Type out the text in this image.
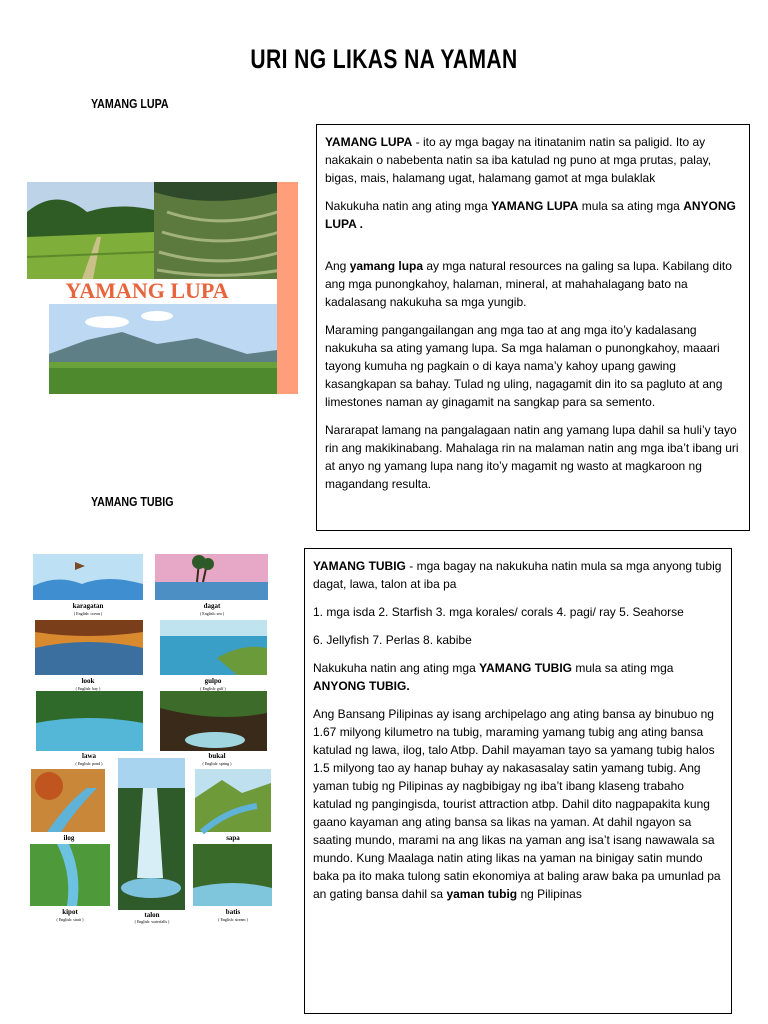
URI NG LIKAS NA YAMAN
YAMANG LUPA
YAMANG TUBIG
YAMANG LUPA

YAMANG LUPA - ito ay mga bagay na itinatanim natin sa paligid. Ito ay nakakain o nabebenta natin sa iba katulad ng puno at mga prutas, palay, bigas, mais, halamang ugat, halamang gamot at mga bulaklak

Nakukuha natin ang ating mga YAMANG LUPA mula sa ating mga ANYONG LUPA .

Ang yamang lupa ay mga natural resources na galing sa lupa. Kabilang dito ang mga punongkahoy, halaman, mineral, at mahahalagang bato na kadalasang nakukuha sa mga yungib.

Maraming pangangailangan ang mga tao at ang mga ito’y kadalasang nakukuha sa ating yamang lupa. Sa mga halaman o punongkahoy, maaari tayong kumuha ng pagkain o di kaya nama’y kahoy upang gawing kasangkapan sa bahay. Tulad ng uling, nagagamit din ito sa pagluto at ang limestones naman ay ginagamit na sangkap para sa semento.

Nararapat lamang na pangalagaan natin ang yamang lupa dahil sa huli’y tayo rin ang makikinabang. Mahalaga rin na malaman natin ang mga iba’t ibang uri at anyo ng yamang lupa nang ito’y magamit ng wasto at magkaroon ng magandang resulta.

karagatan
( English: ocean )
dagat
( English: sea )
look
( English: bay )
gulpo
( English: gulf )
lawa
( English: pond )
bukal
( English: spring )
ilog
talon
( English: waterfalls )
sapa
kipot
( English: strait )
batis
( English: stream )

YAMANG TUBIG - mga bagay na nakukuha natin mula sa mga anyong tubig dagat, lawa, talon at iba pa

1. mga isda 2. Starfish 3. mga korales/ corals 4. pagi/ ray 5. Seahorse

6. Jellyfish 7. Perlas 8. kabibe

Nakukuha natin ang ating mga YAMANG TUBIG mula sa ating mga ANYONG TUBIG.

Ang Bansang Pilipinas ay isang archipelago ang ating bansa ay binubuo ng 1.67 milyong kilumetro na tubig, maraming yamang tubig ang ating bansa katulad ng lawa, ilog, talo Atbp. Dahil mayaman tayo sa yamang tubig halos 1.5 milyong tao ay hanap buhay ay nakasasalay satin yamang tubig. Ang yaman tubig ng Pilipinas ay nagbibigay ng iba’t ibang klaseng trabaho katulad ng pangingisda, tourist attraction atbp. Dahil dito nagpapakita kung gaano kayaman ang ating bansa sa likas na yaman. At dahil ngayon sa saating mundo, marami na ang likas na yaman ang isa’t isang nawawala sa mundo. Kung Maalaga natin ating likas na yaman na binigay satin mundo baka pa ito maka tulong satin ekonomiya at baling araw baka pa umunlad pa an gating bansa dahil sa yaman tubig ng Pilipinas
